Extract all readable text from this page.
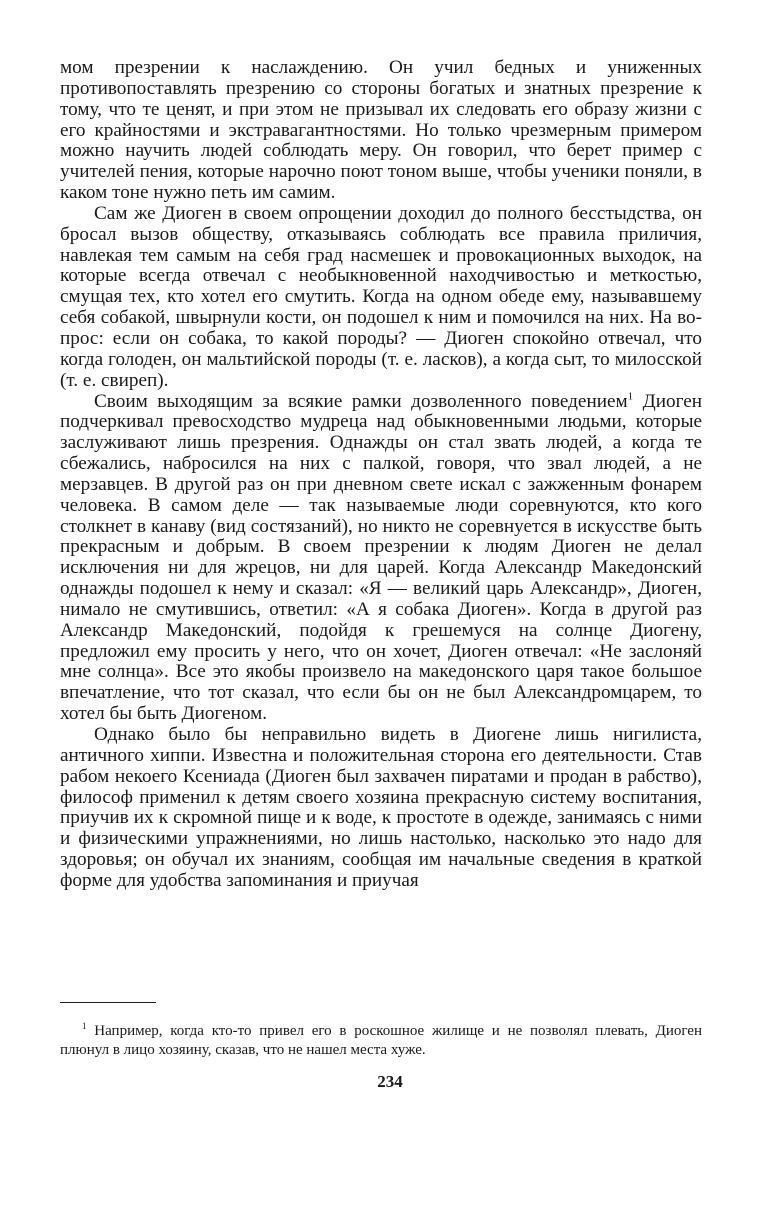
мом презрении к наслаждению. Он учил бедных и униженных противопоставлять презрению со стороны богатых и знатных презрение к тому, что те ценят, и при этом не призывал их следовать его образу жизни с его крайностями и экстравагантностями. Но только чрезмерным примером можно научить людей соблюдать меру. Он говорил, что берет пример с учителей пения, которые нарочно поют тоном выше, чтобы ученики поняли, в каком тоне нужно петь им самим.

Сам же Диоген в своем опрощении доходил до полного бесстыдства, он бросал вызов обществу, отказываясь соблюдать все правила приличия, навлекая тем самым на себя град насмешек и провокационных выходок, на которые всегда отвечал с необыкновенной находчивостью и меткостью, смущая тех, кто хотел его смутить. Когда на одном обеде ему, называвшему себя собакой, швырнули кости, он подошел к ним и помочился на них. На вопрос: если он собака, то какой породы? — Диоген спокойно отвечал, что когда голоден, он мальтийской породы (т. е. ласков), а когда сыт, то милосской (т. е. свиреп).

Своим выходящим за всякие рамки дозволенного поведением$^1$ Диоген подчеркивал превосходство мудреца над обыкновенными людьми, которые заслуживают лишь презрения. Однажды он стал звать людей, а когда те сбежались, набросился на них с палкой, говоря, что звал людей, а не мерзавцев. В другой раз он при дневном свете искал с зажженным фонарем человека. В самом деле — так называемые люди соревнуются, кто кого столкнет в канаву (вид состязаний), но никто не соревнуется в искусстве быть прекрасным и добрым. В своем презрении к людям Диоген не делал исключения ни для жрецов, ни для царей. Когда Александр Македонский однажды подошел к нему и сказал: «Я — великий царь Александр», Диоген, нимало не смутившись, ответил: «А я собака Диоген». Когда в другой раз Александр Македонский, подойдя к грешемуся на солнце Диогену, предложил ему просить у него, что он хочет, Диоген отвечал: «Не заслоняй мне солнца». Все это якобы произвело на македонского царя такое большое впечатление, что тот сказал, что если бы он не был Александромцарем, то хотел бы быть Диогеном.

Однако было бы неправильно видеть в Диогене лишь нигилиста, античного хиппи. Известна и положительная сторона его деятельности. Став рабом некоего Ксениада (Диоген был захвачен пиратами и продан в рабство), философ применил к детям своего хозяина прекрасную систему воспитания, приучив их к скромной пище и к воде, к простоте в одежде, занимаясь с ними и физическими упражнениями, но лишь настолько, насколько это надо для здоровья; он обучал их знаниям, сообщая им начальные сведения в краткой форме для удобства запоминания и приучая

$^1$ Например, когда кто-то привел его в роскошное жилище и не позволял плевать, Диоген плюнул в лицо хозяину, сказав, что не нашел места хуже.
234
